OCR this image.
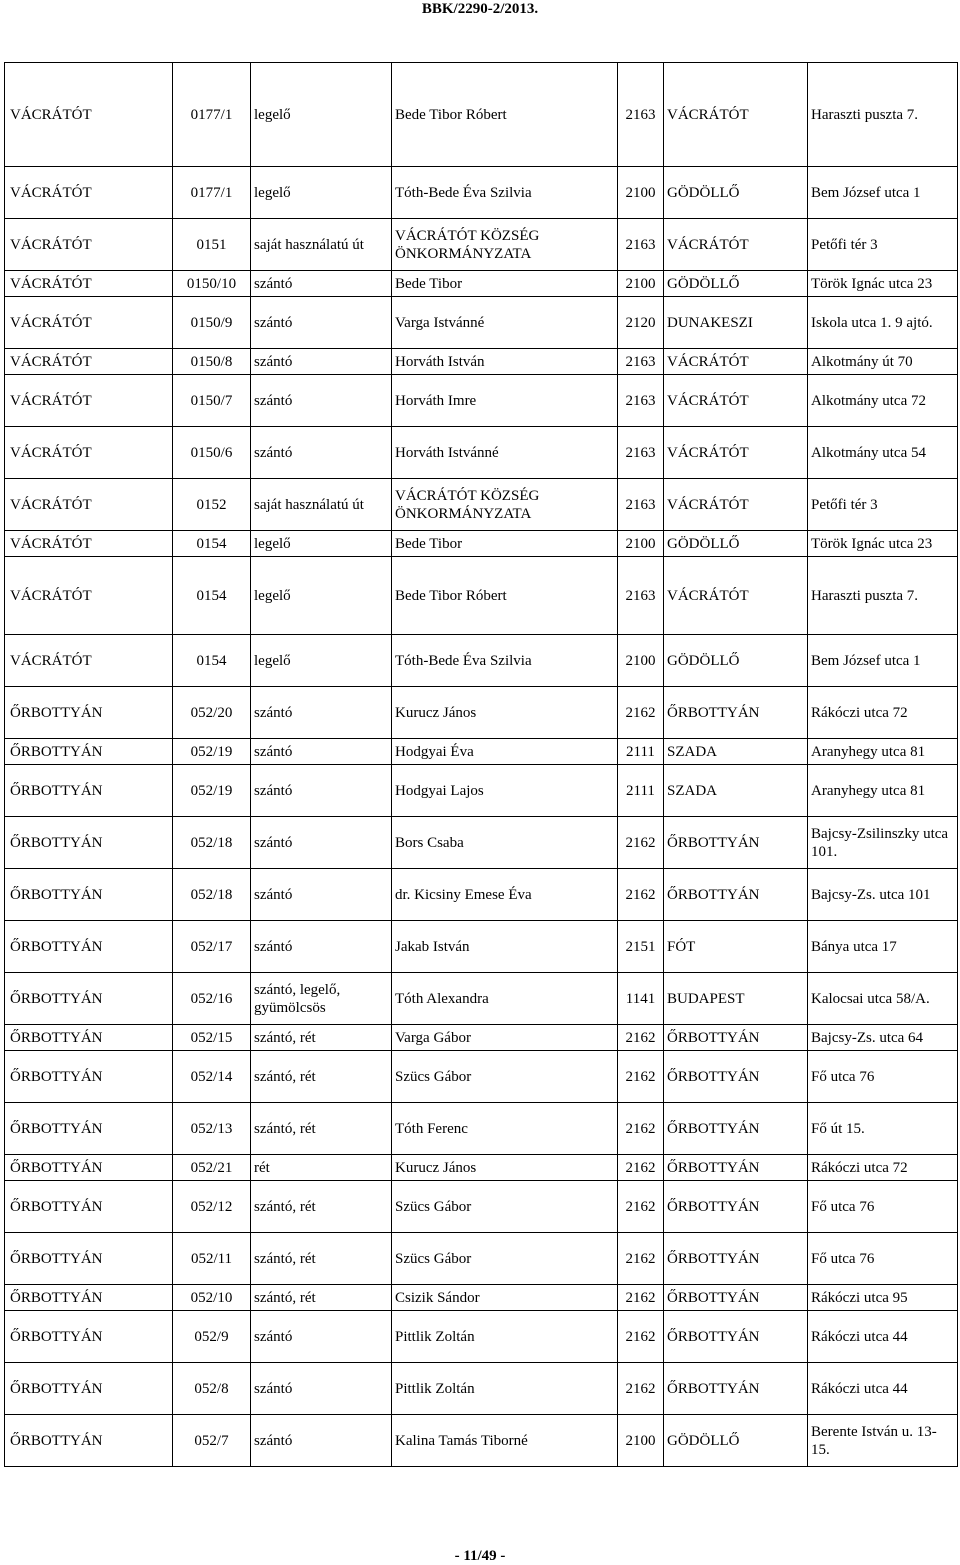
BBK/2290-2/2013.
VÁCRÁTÓT	0177/1	legelő	Bede Tibor Róbert	2163	VÁCRÁTÓT	Haraszti puszta 7.
VÁCRÁTÓT	0177/1	legelő	Tóth-Bede Éva Szilvia	2100	GÖDÖLLŐ	Bem József utca 1
VÁCRÁTÓT	0151	saját használatú út	VÁCRÁTÓT KÖZSÉG ÖNKORMÁNYZATA	2163	VÁCRÁTÓT	Petőfi tér 3
VÁCRÁTÓT	0150/10	szántó	Bede Tibor	2100	GÖDÖLLŐ	Török Ignác utca 23
VÁCRÁTÓT	0150/9	szántó	Varga Istvánné	2120	DUNAKESZI	Iskola utca 1. 9 ajtó.
VÁCRÁTÓT	0150/8	szántó	Horváth István	2163	VÁCRÁTÓT	Alkotmány út 70
VÁCRÁTÓT	0150/7	szántó	Horváth Imre	2163	VÁCRÁTÓT	Alkotmány utca 72
VÁCRÁTÓT	0150/6	szántó	Horváth Istvánné	2163	VÁCRÁTÓT	Alkotmány utca 54
VÁCRÁTÓT	0152	saját használatú út	VÁCRÁTÓT KÖZSÉG ÖNKORMÁNYZATA	2163	VÁCRÁTÓT	Petőfi tér 3
VÁCRÁTÓT	0154	legelő	Bede Tibor	2100	GÖDÖLLŐ	Török Ignác utca 23
VÁCRÁTÓT	0154	legelő	Bede Tibor Róbert	2163	VÁCRÁTÓT	Haraszti puszta 7.
VÁCRÁTÓT	0154	legelő	Tóth-Bede Éva Szilvia	2100	GÖDÖLLŐ	Bem József utca 1
ŐRBOTTYÁN	052/20	szántó	Kurucz János	2162	ŐRBOTTYÁN	Rákóczi utca 72
ŐRBOTTYÁN	052/19	szántó	Hodgyai Éva	2111	SZADA	Aranyhegy utca 81
ŐRBOTTYÁN	052/19	szántó	Hodgyai Lajos	2111	SZADA	Aranyhegy utca 81
ŐRBOTTYÁN	052/18	szántó	Bors Csaba	2162	ŐRBOTTYÁN	Bajcsy-Zsilinszky utca 101.
ŐRBOTTYÁN	052/18	szántó	dr. Kicsiny Emese Éva	2162	ŐRBOTTYÁN	Bajcsy-Zs. utca 101
ŐRBOTTYÁN	052/17	szántó	Jakab István	2151	FÓT	Bánya utca 17
ŐRBOTTYÁN	052/16	szántó, legelő, gyümölcsös	Tóth Alexandra	1141	BUDAPEST	Kalocsai utca 58/A.
ŐRBOTTYÁN	052/15	szántó, rét	Varga Gábor	2162	ŐRBOTTYÁN	Bajcsy-Zs. utca 64
ŐRBOTTYÁN	052/14	szántó, rét	Szücs Gábor	2162	ŐRBOTTYÁN	Fő utca 76
ŐRBOTTYÁN	052/13	szántó, rét	Tóth Ferenc	2162	ŐRBOTTYÁN	Fő út 15.
ŐRBOTTYÁN	052/21	rét	Kurucz János	2162	ŐRBOTTYÁN	Rákóczi utca 72
ŐRBOTTYÁN	052/12	szántó, rét	Szücs Gábor	2162	ŐRBOTTYÁN	Fő utca 76
ŐRBOTTYÁN	052/11	szántó, rét	Szücs Gábor	2162	ŐRBOTTYÁN	Fő utca 76
ŐRBOTTYÁN	052/10	szántó, rét	Csizik Sándor	2162	ŐRBOTTYÁN	Rákóczi utca 95
ŐRBOTTYÁN	052/9	szántó	Pittlik Zoltán	2162	ŐRBOTTYÁN	Rákóczi utca 44
ŐRBOTTYÁN	052/8	szántó	Pittlik Zoltán	2162	ŐRBOTTYÁN	Rákóczi utca 44
ŐRBOTTYÁN	052/7	szántó	Kalina Tamás Tiborné	2100	GÖDÖLLŐ	Berente István u. 13-15.
- 11/49 -
